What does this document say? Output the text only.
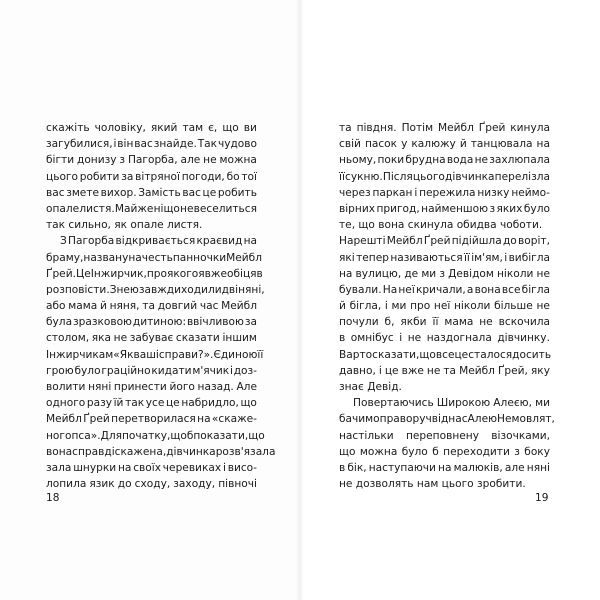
скажіть чоловіку, який там є, що ви
загубилися, і він вас знайде. Так чудово
бігти донизу з Пагорба, але не можна
цього робити за вітряної погоди, бо тої
вас змете вихор. Замість вас це робить
опале листя. Майже ніщо не веселиться
так сильно, як опале листя.
З Пагорба відкривається краєвид на
браму, названу на честь панночки Мейбл
Ґрей. Це Інжирчик, про якого я вже обіцяв
розповісти. З нею завжди ходили дві няні,
або мама й няня, та довгий час Мейбл
була зразковою дитиною: ввічливою за
столом, яка не забуває сказати іншим
Інжирчикам «Як ваші справи?». Єдиною її
грою було граційно кидати м'ячик і доз-
волити няні принести його назад. Але
одного разу їй так усе це набридло, що
Мейбл Ґрей перетворилася на «скаже-
ного пса». Для початку, щоб показати, що
вона справді скажена, дівчинка розв'язала
зала шнурки на своїх черевиках і висо-
лопила язик до сходу, заходу, півночі
18
та півдня. Потім Мейбл Ґрей кинула
свій пасок у калюжу й танцювала на
ньому, поки брудна вода не захлюпала
її сукню. Після цього дівчинка перелізла
через паркан і пережила низку неймо-
вірних пригод, найменшою з яких було
те, що вона скинула обидва чоботи.
Нарешті Мейбл Ґрей підійшла до воріт,
які тепер називаються її ім'ям, і вибігла
на вулицю, де ми з Девідом ніколи не
бували. На неї кричали, а вона все бігла
й бігла, і ми про неї ніколи більше не
почули б, якби її мама не вскочила
в омнібус і не наздогнала дівчинку.
Варто сказати, що все це сталося досить
давно, і це вже не та Мейбл Ґрей, яку
знає Девід.
Повертаючись Широкою Алеєю, ми
бачимо праворуч від нас Алею Немовлят,
настільки переповнену візочками,
що можна було б переходити з боку
в бік, наступаючи на малюків, але няні
не дозволять нам цього зробити.
19
